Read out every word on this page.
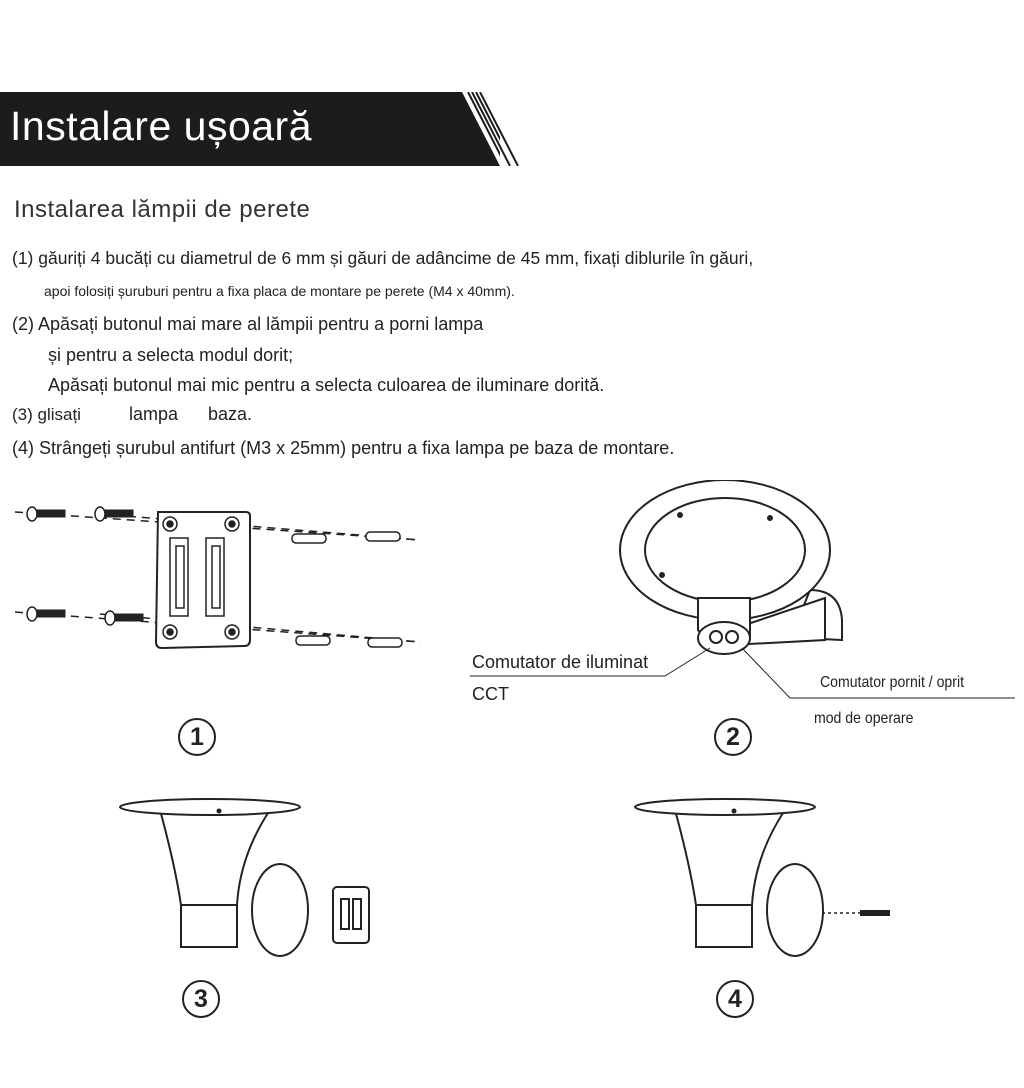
Instalare ușoară
Instalarea lămpii de perete
(1) găuriți 4 bucăți cu diametrul de 6 mm și găuri de adâncime de 45 mm, fixați diblurile în găuri,
apoi folosiți șuruburi pentru a fixa placa de montare pe perete (M4 x 40mm).
(2) Apăsați butonul mai mare al lămpii pentru a porni lampa
și pentru a selecta modul dorit;
Apăsați butonul mai mic pentru a selecta culoarea de iluminare dorită.
(3) glisați	lampa baza.
(4) Strângeți șurubul antifurt (M3 x 25mm) pentru a fixa lampa pe baza de montare.
1
Comutator de iluminat
CCT
Comutator pornit / oprit
mod de operare
2
3	4
